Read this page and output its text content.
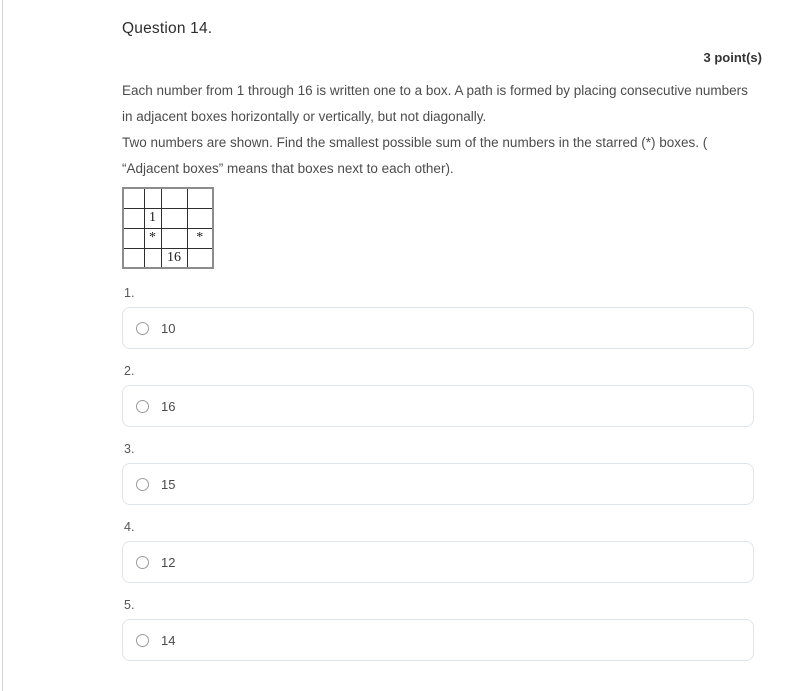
Question 14.
3 point(s)

Each number from 1 through 16 is written one to a box. A path is formed by placing consecutive numbers in adjacent boxes horizontally or vertically, but not diagonally.

Two numbers are shown. Find the smallest possible sum of the numbers in the starred (*) boxes. ( “Adjacent boxes” means that boxes next to each other).

	1		
	*		*
		16	
1.
10
2.
16
3.
15
4.
12
5.
14
